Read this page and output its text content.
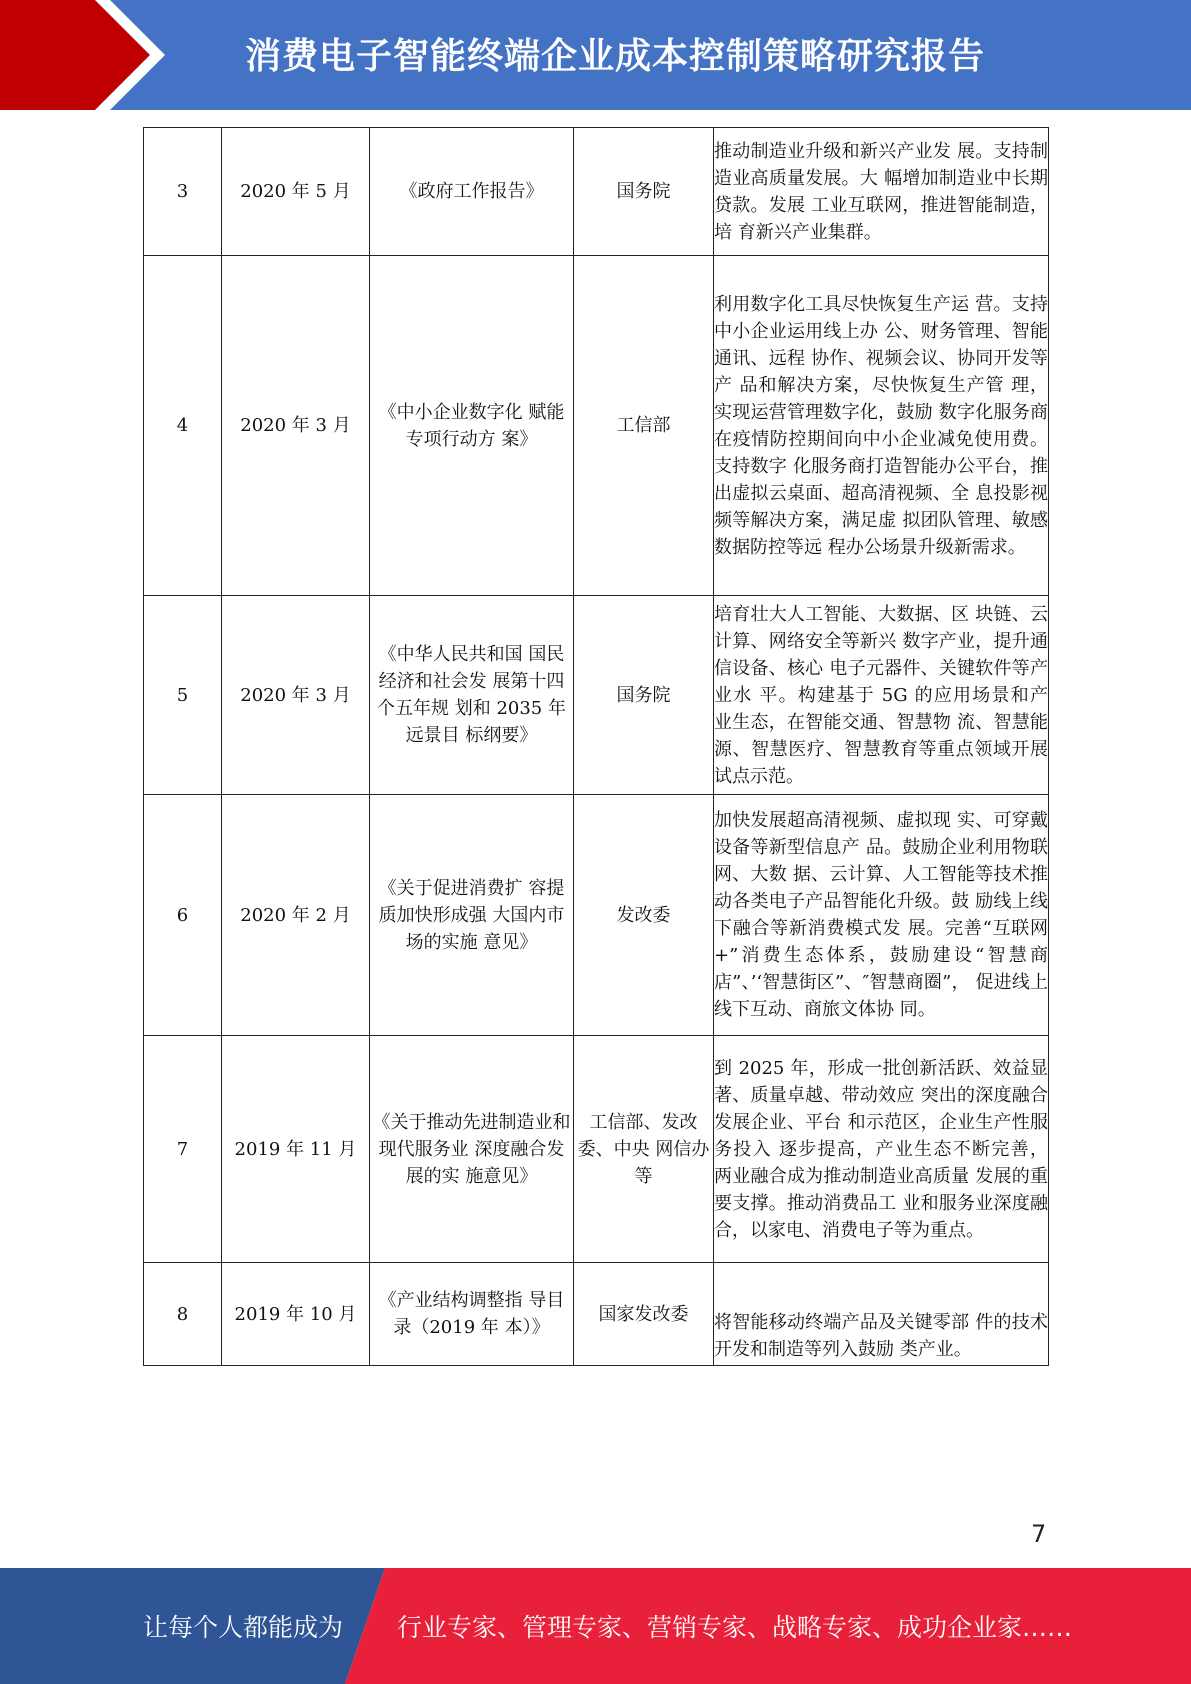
消费电子智能终端企业成本控制策略研究报告
3	2020 年 5 月	《政府工作报告》	国务院	推动制造业升级和新兴产业发 展。支持制造业高质量发展。大 幅增加制造业中长期贷款。发展 工业互联网，推进智能制造，培 育新兴产业集群。
4	2020 年 3 月	《中小企业数字化 赋能专项行动方 案》	工信部	利用数字化工具尽快恢复生产运 营。支持中小企业运用线上办 公、财务管理、智能通讯、远程 协作、视频会议、协同开发等产 品和解决方案，尽快恢复生产管 理，实现运营管理数字化，鼓励 数字化服务商在疫情防控期间向中小企业减免使用费。支持数字 化服务商打造智能办公平台，推 出虚拟云桌面、超高清视频、全 息投影视频等解决方案，满足虚 拟团队管理、敏感数据防控等远 程办公场景升级新需求。
5	2020 年 3 月	《中华人民共和国 国民经济和社会发 展第十四个五年规 划和 2035 年远景目 标纲要》	国务院	培育壮大人工智能、大数据、区 块链、云计算、网络安全等新兴 数字产业，提升通信设备、核心 电子元器件、关键软件等产业水 平。构建基于 5G 的应用场景和产 业生态，在智能交通、智慧物 流、智慧能源、智慧医疗、智慧教育等重点领域开展试点示范。
6	2020 年 2 月	《关于促进消费扩 容提质加快形成强 大国内市场的实施 意见》	发改委	加快发展超高清视频、虚拟现 实、可穿戴设备等新型信息产 品。鼓励企业利用物联网、大数 据、云计算、人工智能等技术推 动各类电子产品智能化升级。鼓 励线上线下融合等新消费模式发 展。完善“互联网+”消费生态体系，鼓励建设“智慧商店”、’‘智慧街区”、″智慧商圈”， 促进线上线下互动、商旅文体协 同。
7	2019 年 11 月	《关于推动先进制造业和现代服务业 深度融合发展的实 施意见》	工信部、发改委、中央 网信办等	到 2025 年，形成一批创新活跃、效益显著、质量卓越、带动效应 突出的深度融合发展企业、平台 和示范区，企业生产性服务投入 逐步提高，产业生态不断完善， 两业融合成为推动制造业高质量 发展的重要支撑。推动消费品工 业和服务业深度融合，以家电、消费电子等为重点。
8	2019 年 10 月	《产业结构调整指 导目录（2019 年 本）》	国家发改委	将智能移动终端产品及关键零部 件的技术开发和制造等列入鼓励 类产业。
7
让每个人都能成为 行业专家、管理专家、营销专家、战略专家、成功企业家……
